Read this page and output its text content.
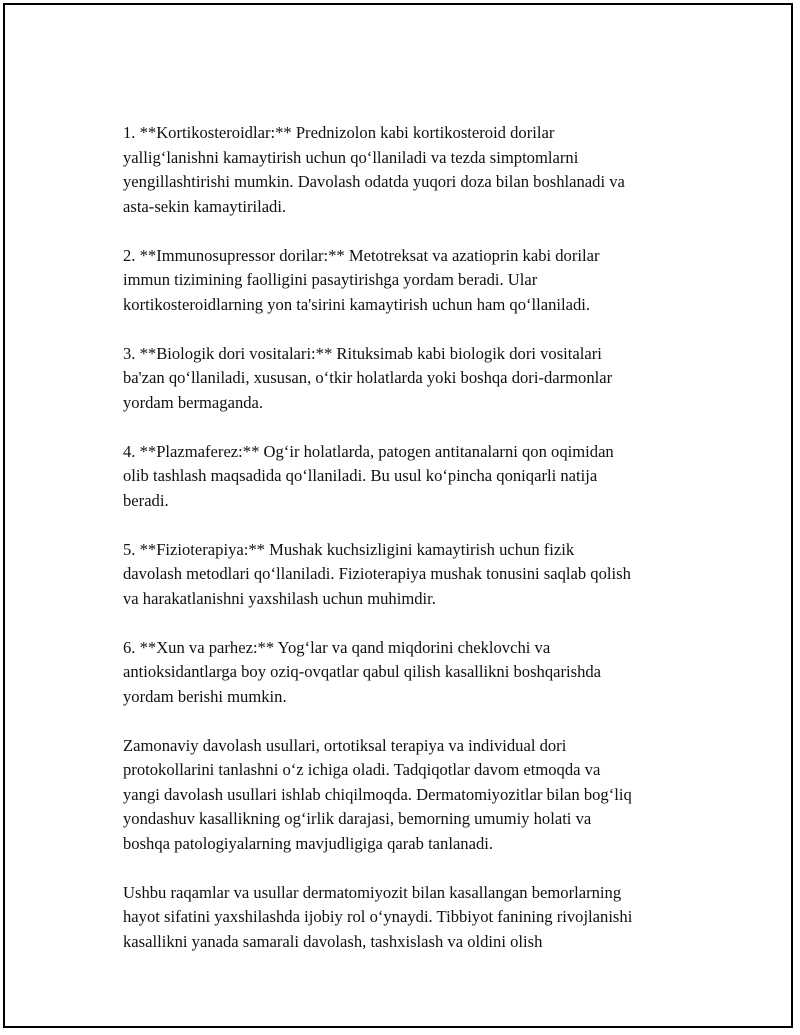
1. **Kortikosteroidlar:** Prednizolon kabi kortikosteroid dorilar
yallig‘lanishni kamaytirish uchun qo‘llaniladi va tezda simptomlarni
yengillashtirishi mumkin. Davolash odatda yuqori doza bilan boshlanadi va
asta-sekin kamaytiriladi.

2. **Immunosupressor dorilar:** Metotreksat va azatioprin kabi dorilar
immun tizimining faolligini pasaytirishga yordam beradi. Ular
kortikosteroidlarning yon ta'sirini kamaytirish uchun ham qo‘llaniladi.

3. **Biologik dori vositalari:** Rituksimab kabi biologik dori vositalari
ba'zan qo‘llaniladi, xususan, o‘tkir holatlarda yoki boshqa dori-darmonlar
yordam bermaganda.

4. **Plazmaferez:** Og‘ir holatlarda, patogen antitanalarni qon oqimidan
olib tashlash maqsadida qo‘llaniladi. Bu usul ko‘pincha qoniqarli natija
beradi.

5. **Fizioterapiya:** Mushak kuchsizligini kamaytirish uchun fizik
davolash metodlari qo‘llaniladi. Fizioterapiya mushak tonusini saqlab qolish
va harakatlanishni yaxshilash uchun muhimdir.

6. **Xun va parhez:** Yog‘lar va qand miqdorini cheklovchi va
antioksidantlarga boy oziq-ovqatlar qabul qilish kasallikni boshqarishda
yordam berishi mumkin.

Zamonaviy davolash usullari, ortotiksal terapiya va individual dori
protokollarini tanlashni o‘z ichiga oladi. Tadqiqotlar davom etmoqda va
yangi davolash usullari ishlab chiqilmoqda. Dermatomiyozitlar bilan bog‘liq
yondashuv kasallikning og‘irlik darajasi, bemorning umumiy holati va
boshqa patologiyalarning mavjudligiga qarab tanlanadi.

Ushbu raqamlar va usullar dermatomiyozit bilan kasallangan bemorlarning
hayot sifatini yaxshilashda ijobiy rol o‘ynaydi. Tibbiyot fanining rivojlanishi
kasallikni yanada samarali davolash, tashxislash va oldini olish
